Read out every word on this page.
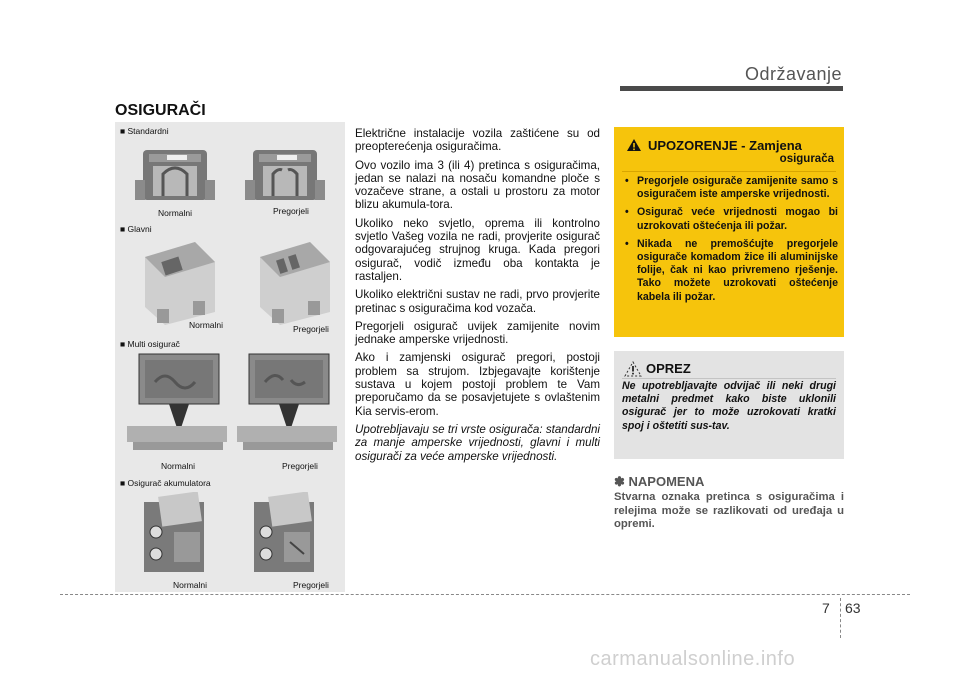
Održavanje
OSIGURAČI
■ Standardni
Normalni	Pregorjeli
■ Glavni
Normalni	Pregorjeli
■ Multi osigurač
Normalni	Pregorjeli
■ Osigurač akumulatora
Normalni	Pregorjeli

Električne instalacije vozila zaštićene su od preopterećenja osiguračima.

Ovo vozilo ima 3 (ili 4) pretinca s osiguračima, jedan se nalazi na nosaču komandne ploče s vozačeve strane, a ostali u prostoru za motor blizu akumula-tora.

Ukoliko neko svjetlo, oprema ili kontrolno svjetlo Vašeg vozila ne radi, provjerite osigurač odgovarajućeg strujnog kruga. Kada pregori osigurač, vodič između oba kontakta je rastaljen.

Ukoliko električni sustav ne radi, prvo provjerite pretinac s osiguračima kod vozača.

Pregorjeli osigurač uvijek zamijenite novim jednake amperske vrijednosti.

Ako i zamjenski osigurač pregori, postoji problem sa strujom. Izbjegavajte korištenje sustava u kojem postoji problem te Vam preporučamo da se posavjetujete s ovlaštenim Kia servis-erom.

Upotrebljavaju se tri vrste osigurača: standardni za manje amperske vrijednosti, glavni i multi osigurači za veće amperske vrijednosti.

UPOZORENJE - Zamjena
osigurača
• Pregorjele osigurače zamijenite samo s osiguračem iste amperske vrijednosti.
• Osigurač veće vrijednosti mogao bi uzrokovati oštećenja ili požar.
• Nikada ne premošćujte pregorjele osigurače komadom žice ili aluminijske folije, čak ni kao privremeno rješenje. Tako možete uzrokovati oštećenje kabela ili požar.
OPREZ
Ne upotrebljavajte odvijač ili neki drugi metalni predmet kako biste uklonili osigurač jer to može uzrokovati kratki spoj i oštetiti sus-tav.
✽ NAPOMENA
Stvarna oznaka pretinca s osiguračima i relejima može se razlikovati od uređaja u opremi.
7 63
carmanualsonline.info
